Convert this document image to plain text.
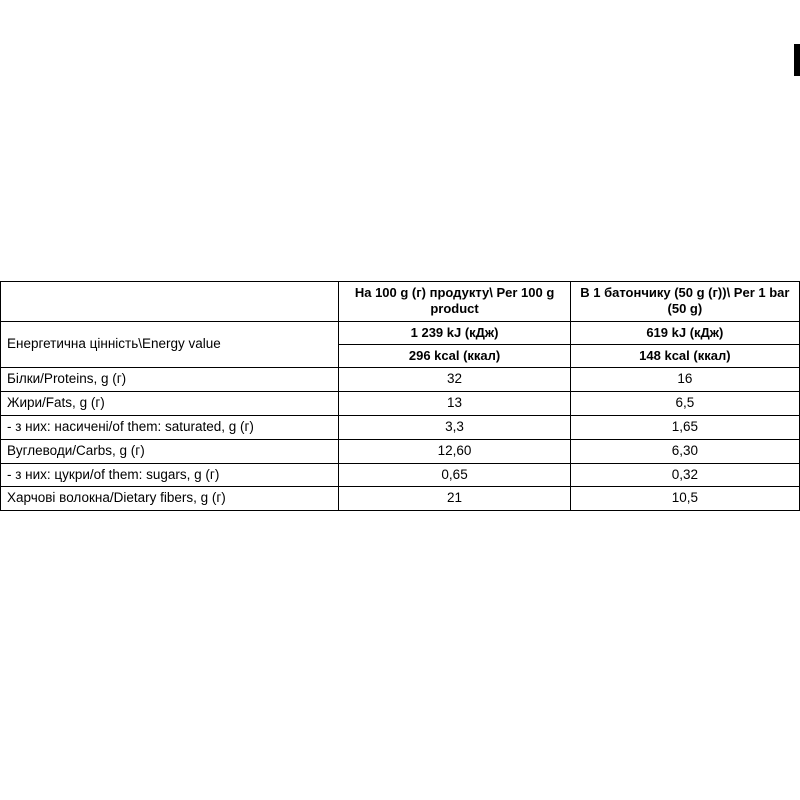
	На 100 g (г) продукту\ Per 100 g product	В 1 батончику (50 g (г))\ Per 1 bar (50 g)
Енергетична цінність\Energy value	1 239 kJ (кДж)	619 kJ (кДж)
	296 kcal (ккал)	148 kcal (ккал)
Білки/Proteins, g (г)	32	16
Жири/Fats, g (г)	13	6,5
- з них: насичені/of them: saturated, g (г)	3,3	1,65
Вуглеводи/Carbs, g (г)	12,60	6,30
- з них: цукри/of them: sugars, g (г)	0,65	0,32
Харчові волокна/Dietary fibers, g (г)	21	10,5
